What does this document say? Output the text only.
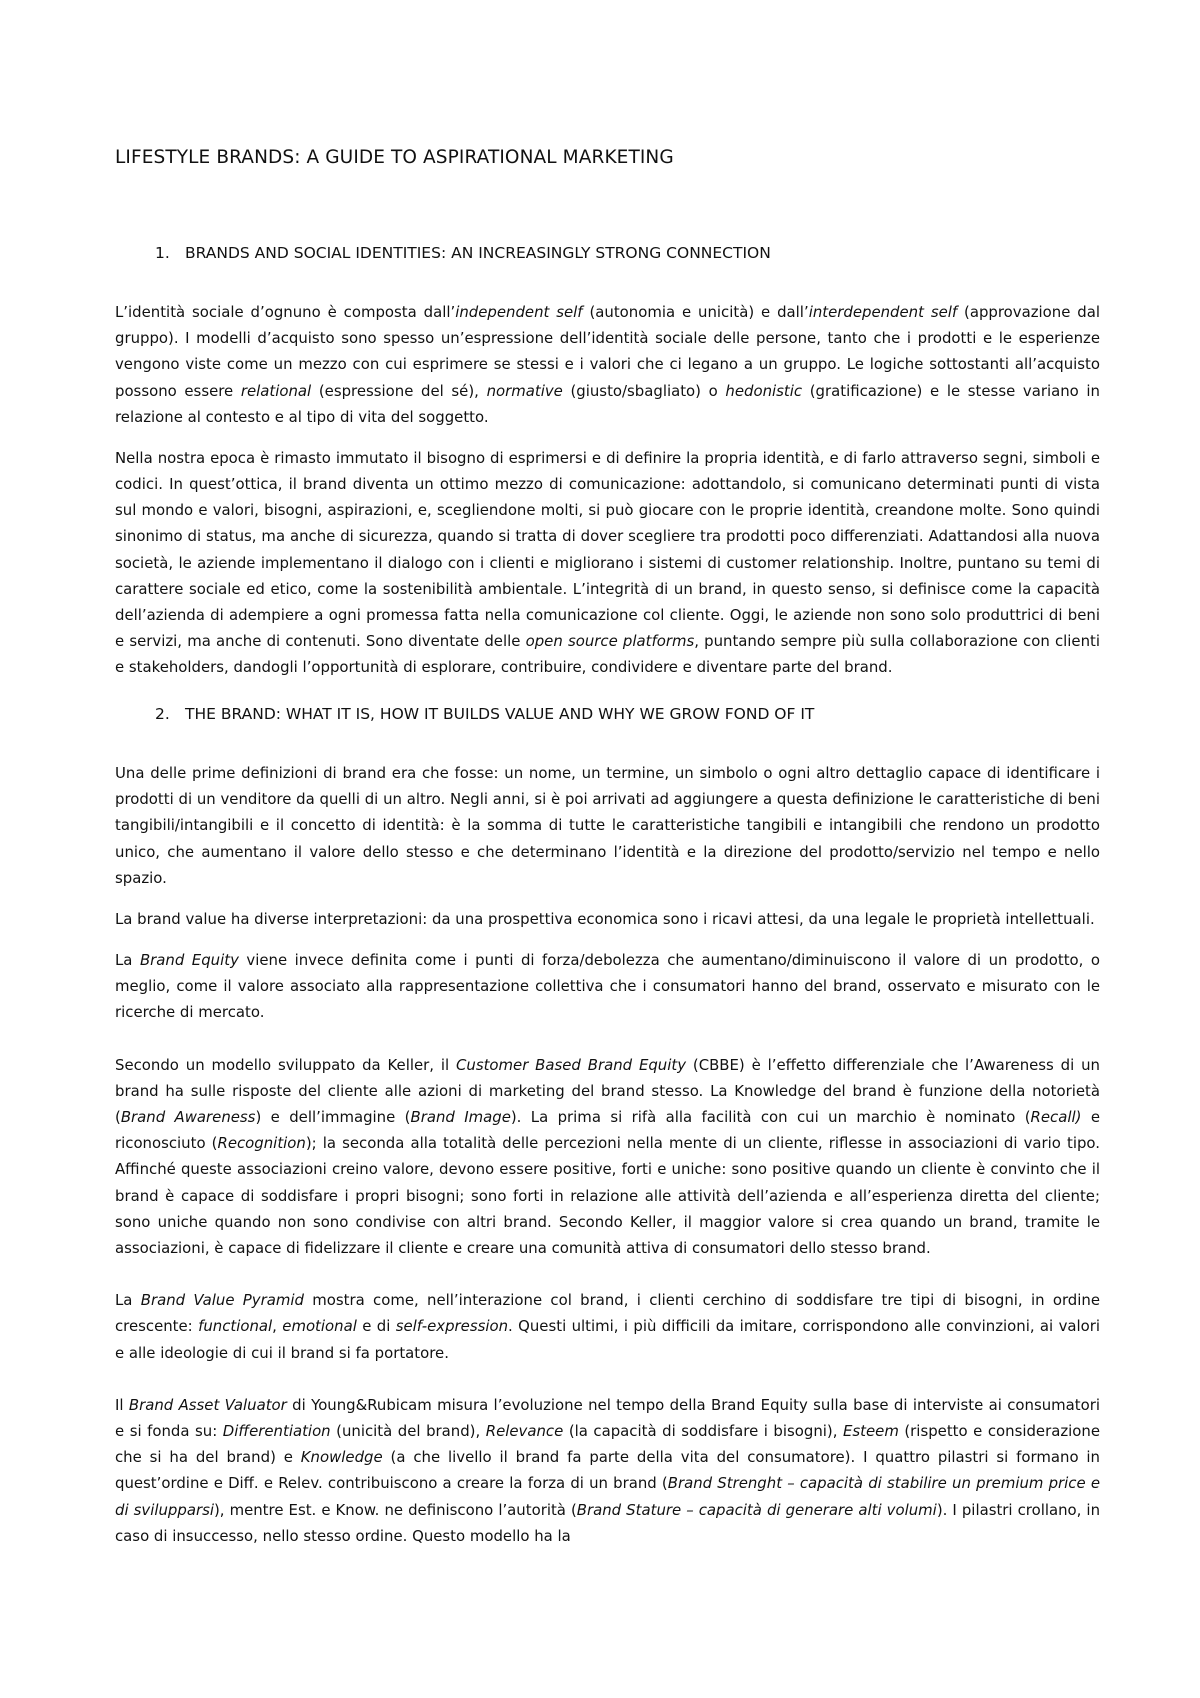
LIFESTYLE BRANDS: A GUIDE TO ASPIRATIONAL MARKETING
1. BRANDS AND SOCIAL IDENTITIES: AN INCREASINGLY STRONG CONNECTION

L’identità sociale d’ognuno è composta dall’independent self (autonomia e unicità) e dall’interdependent self (approvazione dal gruppo). I modelli d’acquisto sono spesso un’espressione dell’identità sociale delle persone, tanto che i prodotti e le esperienze vengono viste come un mezzo con cui esprimere se stessi e i valori che ci legano a un gruppo. Le logiche sottostanti all’acquisto possono essere relational (espressione del sé), normative (giusto/sbagliato) o hedonistic (gratificazione) e le stesse variano in relazione al contesto e al tipo di vita del soggetto.

Nella nostra epoca è rimasto immutato il bisogno di esprimersi e di definire la propria identità, e di farlo attraverso segni, simboli e codici. In quest’ottica, il brand diventa un ottimo mezzo di comunicazione: adottandolo, si comunicano determinati punti di vista sul mondo e valori, bisogni, aspirazioni, e, scegliendone molti, si può giocare con le proprie identità, creandone molte. Sono quindi sinonimo di status, ma anche di sicurezza, quando si tratta di dover scegliere tra prodotti poco differenziati. Adattandosi alla nuova società, le aziende implementano il dialogo con i clienti e migliorano i sistemi di customer relationship. Inoltre, puntano su temi di carattere sociale ed etico, come la sostenibilità ambientale. L’integrità di un brand, in questo senso, si definisce come la capacità dell’azienda di adempiere a ogni promessa fatta nella comunicazione col cliente. Oggi, le aziende non sono solo produttrici di beni e servizi, ma anche di contenuti. Sono diventate delle open source platforms, puntando sempre più sulla collaborazione con clienti e stakeholders, dandogli l’opportunità di esplorare, contribuire, condividere e diventare parte del brand.

2. THE BRAND: WHAT IT IS, HOW IT BUILDS VALUE AND WHY WE GROW FOND OF IT

Una delle prime definizioni di brand era che fosse: un nome, un termine, un simbolo o ogni altro dettaglio capace di identificare i prodotti di un venditore da quelli di un altro. Negli anni, si è poi arrivati ad aggiungere a questa definizione le caratteristiche di beni tangibili/intangibili e il concetto di identità: è la somma di tutte le caratteristiche tangibili e intangibili che rendono un prodotto unico, che aumentano il valore dello stesso e che determinano l’identità e la direzione del prodotto/servizio nel tempo e nello spazio.

La brand value ha diverse interpretazioni: da una prospettiva economica sono i ricavi attesi, da una legale le proprietà intellettuali.

La Brand Equity viene invece definita come i punti di forza/debolezza che aumentano/diminuiscono il valore di un prodotto, o meglio, come il valore associato alla rappresentazione collettiva che i consumatori hanno del brand, osservato e misurato con le ricerche di mercato.

Secondo un modello sviluppato da Keller, il Customer Based Brand Equity (CBBE) è l’effetto differenziale che l’Awareness di un brand ha sulle risposte del cliente alle azioni di marketing del brand stesso. La Knowledge del brand è funzione della notorietà (Brand Awareness) e dell’immagine (Brand Image). La prima si rifà alla facilità con cui un marchio è nominato (Recall) e riconosciuto (Recognition); la seconda alla totalità delle percezioni nella mente di un cliente, riflesse in associazioni di vario tipo. Affinché queste associazioni creino valore, devono essere positive, forti e uniche: sono positive quando un cliente è convinto che il brand è capace di soddisfare i propri bisogni; sono forti in relazione alle attività dell’azienda e all’esperienza diretta del cliente; sono uniche quando non sono condivise con altri brand. Secondo Keller, il maggior valore si crea quando un brand, tramite le associazioni, è capace di fidelizzare il cliente e creare una comunità attiva di consumatori dello stesso brand.

La Brand Value Pyramid mostra come, nell’interazione col brand, i clienti cerchino di soddisfare tre tipi di bisogni, in ordine crescente: functional, emotional e di self-expression. Questi ultimi, i più difficili da imitare, corrispondono alle convinzioni, ai valori e alle ideologie di cui il brand si fa portatore.

Il Brand Asset Valuator di Young&Rubicam misura l’evoluzione nel tempo della Brand Equity sulla base di interviste ai consumatori e si fonda su: Differentiation (unicità del brand), Relevance (la capacità di soddisfare i bisogni), Esteem (rispetto e considerazione che si ha del brand) e Knowledge (a che livello il brand fa parte della vita del consumatore). I quattro pilastri si formano in quest’ordine e Diff. e Relev. contribuiscono a creare la forza di un brand (Brand Strenght – capacità di stabilire un premium price e di svilupparsi), mentre Est. e Know. ne definiscono l’autorità (Brand Stature – capacità di generare alti volumi). I pilastri crollano, in caso di insuccesso, nello stesso ordine. Questo modello ha la
